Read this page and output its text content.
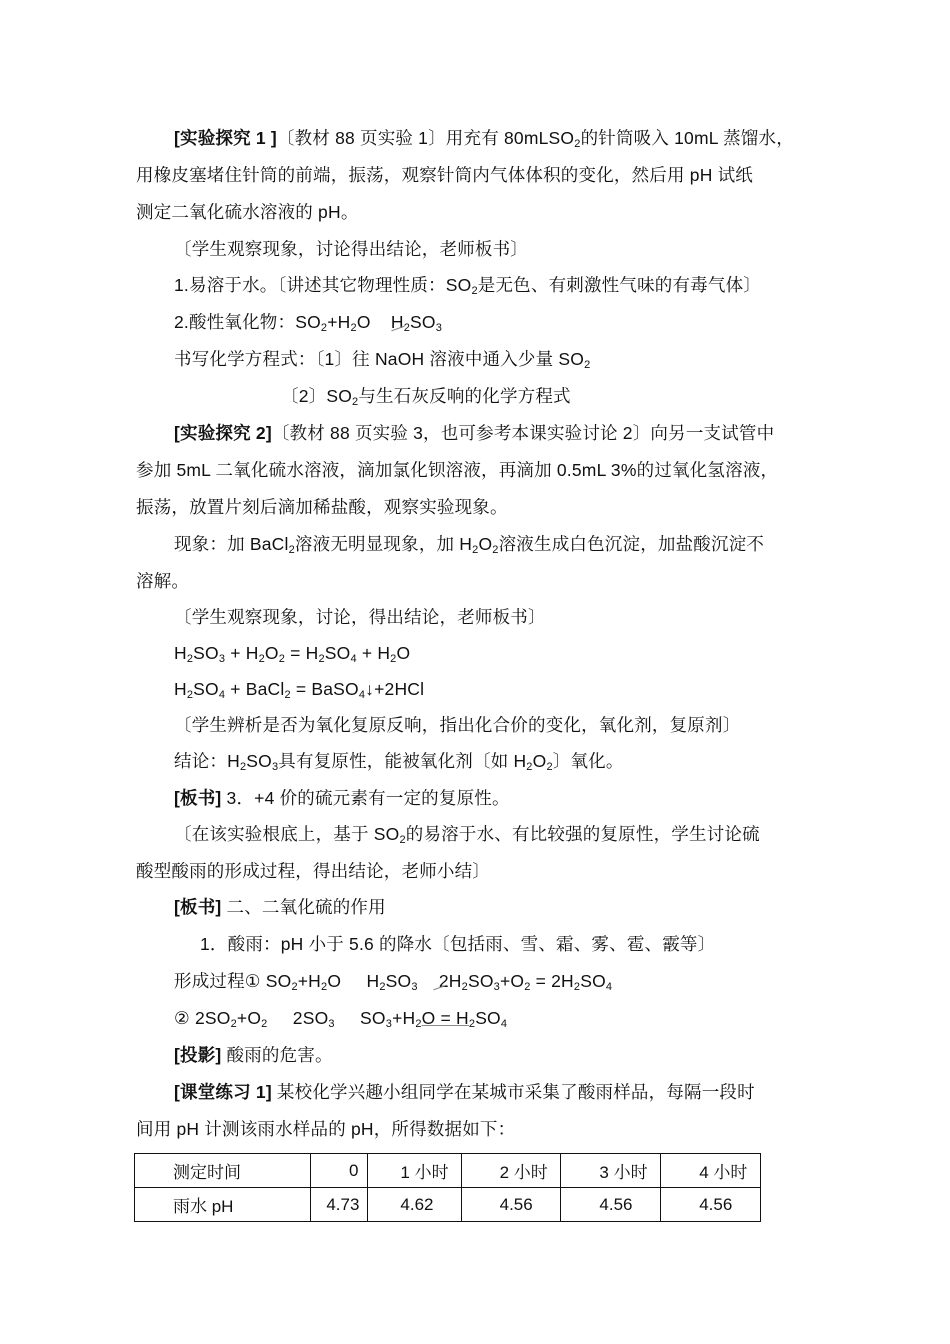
[实验探究 1 ]〔教材 88 页实验 1〕用充有 80mLSO$_2$的针筒吸入 10mL 蒸馏水，
用橡皮塞堵住针筒的前端，振荡，观察针筒内气体体积的变化，然后用 pH 试纸
测定二氧化硫水溶液的 pH。
〔学生观察现象，讨论得出结论，老师板书〕
1.易溶于水。〔讲述其它物理性质：$SO_2$是无色、有刺激性气味的有毒气体〕
2.酸性氧化物：$SO_2+H_2O$ $H_2SO_3$
书写化学方程式：〔1〕往 NaOH 溶液中通入少量 $SO_2$
〔2〕$SO_2$与生石灰反响的化学方程式
[实验探究 2]〔教材 88 页实验 3，也可参考本课实验讨论 2〕向另一支试管中
参加 5mL 二氧化硫水溶液，滴加氯化钡溶液，再滴加 0.5mL 3%的过氧化氢溶液，
振荡，放置片刻后滴加稀盐酸，观察实验现象。
现象：加 BaCl$_2$溶液无明显现象，加 $H_2O_2$溶液生成白色沉淀，加盐酸沉淀不
溶解。
〔学生观察现象，讨论，得出结论，老师板书〕
$H_2SO_3 + H_2O_2 = H_2SO_4 + H_2O$
$H_2SO_4$ + BaCl$_2$ = BaSO$_4$↓+2HCl
〔学生辨析是否为氧化复原反响，指出化合价的变化，氧化剂，复原剂〕
结论：$H_2SO_3$具有复原性，能被氧化剂〔如 $H_2O_2$〕氧化。
[板书] 3．+4 价的硫元素有一定的复原性。
〔在该实验根底上，基于 $SO_2$的易溶于水、有比较强的复原性，学生讨论硫
酸型酸雨的形成过程，得出结论，老师小结〕
[板书] 二、二氧化硫的作用
1．酸雨：pH 小于 5.6 的降水〔包括雨、雪、霜、雾、雹、霰等〕
形成过程① $SO_2+H_2O$ $H_2SO_3$ $2H_2SO_3+O_2 = 2H_2SO_4$
② $2SO_2+O_2$ $2SO_3$ $SO_3+H_2O = H_2SO_4$
[投影] 酸雨的危害。
[课堂练习 1] 某校化学兴趣小组同学在某城市采集了酸雨样品，每隔一段时
间用 pH 计测该雨水样品的 pH，所得数据如下：
测定时间	0	1 小时	2 小时	3 小时	4 小时
雨水 pH	4.73	4.62	4.56	4.56	4.56
